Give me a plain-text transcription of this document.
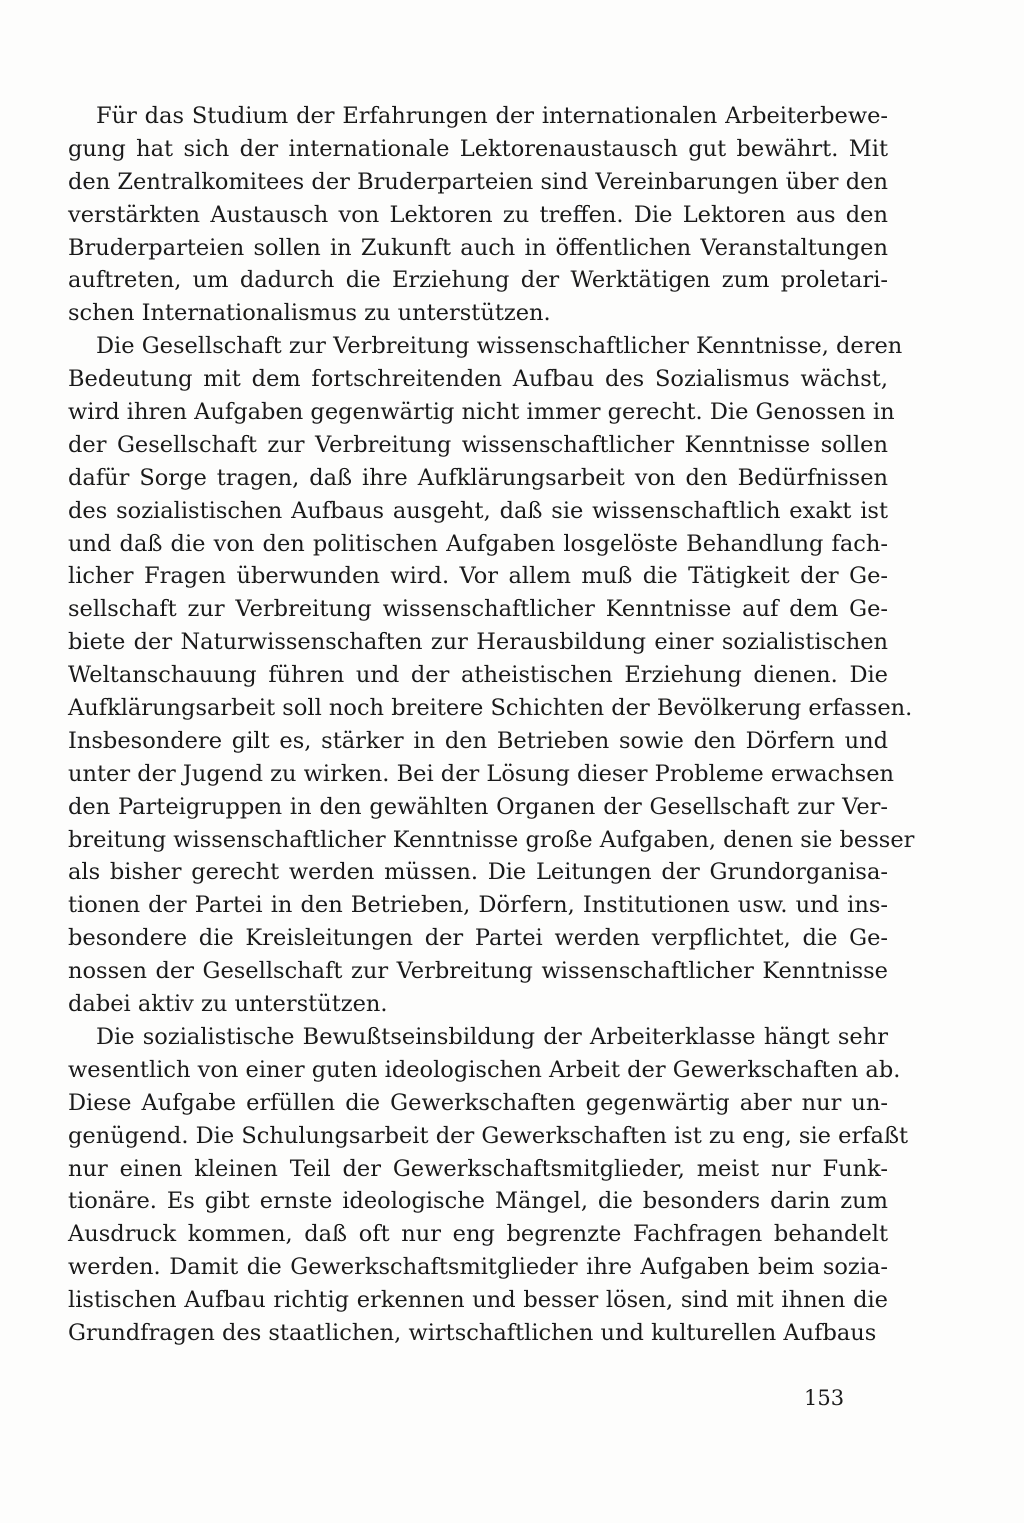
Für das Studium der Erfahrungen der internationalen Arbeiterbewe-
gung hat sich der internationale Lektorenaustausch gut bewährt. Mit
den Zentralkomitees der Bruderparteien sind Vereinbarungen über den
verstärkten Austausch von Lektoren zu treffen. Die Lektoren aus den
Bruderparteien sollen in Zukunft auch in öffentlichen Veranstaltungen
auftreten, um dadurch die Erziehung der Werktätigen zum proletari-
schen Internationalismus zu unterstützen.
Die Gesellschaft zur Verbreitung wissenschaftlicher Kenntnisse, deren
Bedeutung mit dem fortschreitenden Aufbau des Sozialismus wächst,
wird ihren Aufgaben gegenwärtig nicht immer gerecht. Die Genossen in
der Gesellschaft zur Verbreitung wissenschaftlicher Kenntnisse sollen
dafür Sorge tragen, daß ihre Aufklärungsarbeit von den Bedürfnissen
des sozialistischen Aufbaus ausgeht, daß sie wissenschaftlich exakt ist
und daß die von den politischen Aufgaben losgelöste Behandlung fach-
licher Fragen überwunden wird. Vor allem muß die Tätigkeit der Ge-
sellschaft zur Verbreitung wissenschaftlicher Kenntnisse auf dem Ge-
biete der Naturwissenschaften zur Herausbildung einer sozialistischen
Weltanschauung führen und der atheistischen Erziehung dienen. Die
Aufklärungsarbeit soll noch breitere Schichten der Bevölkerung erfassen.
Insbesondere gilt es, stärker in den Betrieben sowie den Dörfern und
unter der Jugend zu wirken. Bei der Lösung dieser Probleme erwachsen
den Parteigruppen in den gewählten Organen der Gesellschaft zur Ver-
breitung wissenschaftlicher Kenntnisse große Aufgaben, denen sie besser
als bisher gerecht werden müssen. Die Leitungen der Grundorganisa-
tionen der Partei in den Betrieben, Dörfern, Institutionen usw. und ins-
besondere die Kreisleitungen der Partei werden verpflichtet, die Ge-
nossen der Gesellschaft zur Verbreitung wissenschaftlicher Kenntnisse
dabei aktiv zu unterstützen.
Die sozialistische Bewußtseinsbildung der Arbeiterklasse hängt sehr
wesentlich von einer guten ideologischen Arbeit der Gewerkschaften ab.
Diese Aufgabe erfüllen die Gewerkschaften gegenwärtig aber nur un-
genügend. Die Schulungsarbeit der Gewerkschaften ist zu eng, sie erfaßt
nur einen kleinen Teil der Gewerkschaftsmitglieder, meist nur Funk-
tionäre. Es gibt ernste ideologische Mängel, die besonders darin zum
Ausdruck kommen, daß oft nur eng begrenzte Fachfragen behandelt
werden. Damit die Gewerkschaftsmitglieder ihre Aufgaben beim sozia-
listischen Aufbau richtig erkennen und besser lösen, sind mit ihnen die
Grundfragen des staatlichen, wirtschaftlichen und kulturellen Aufbaus
153
